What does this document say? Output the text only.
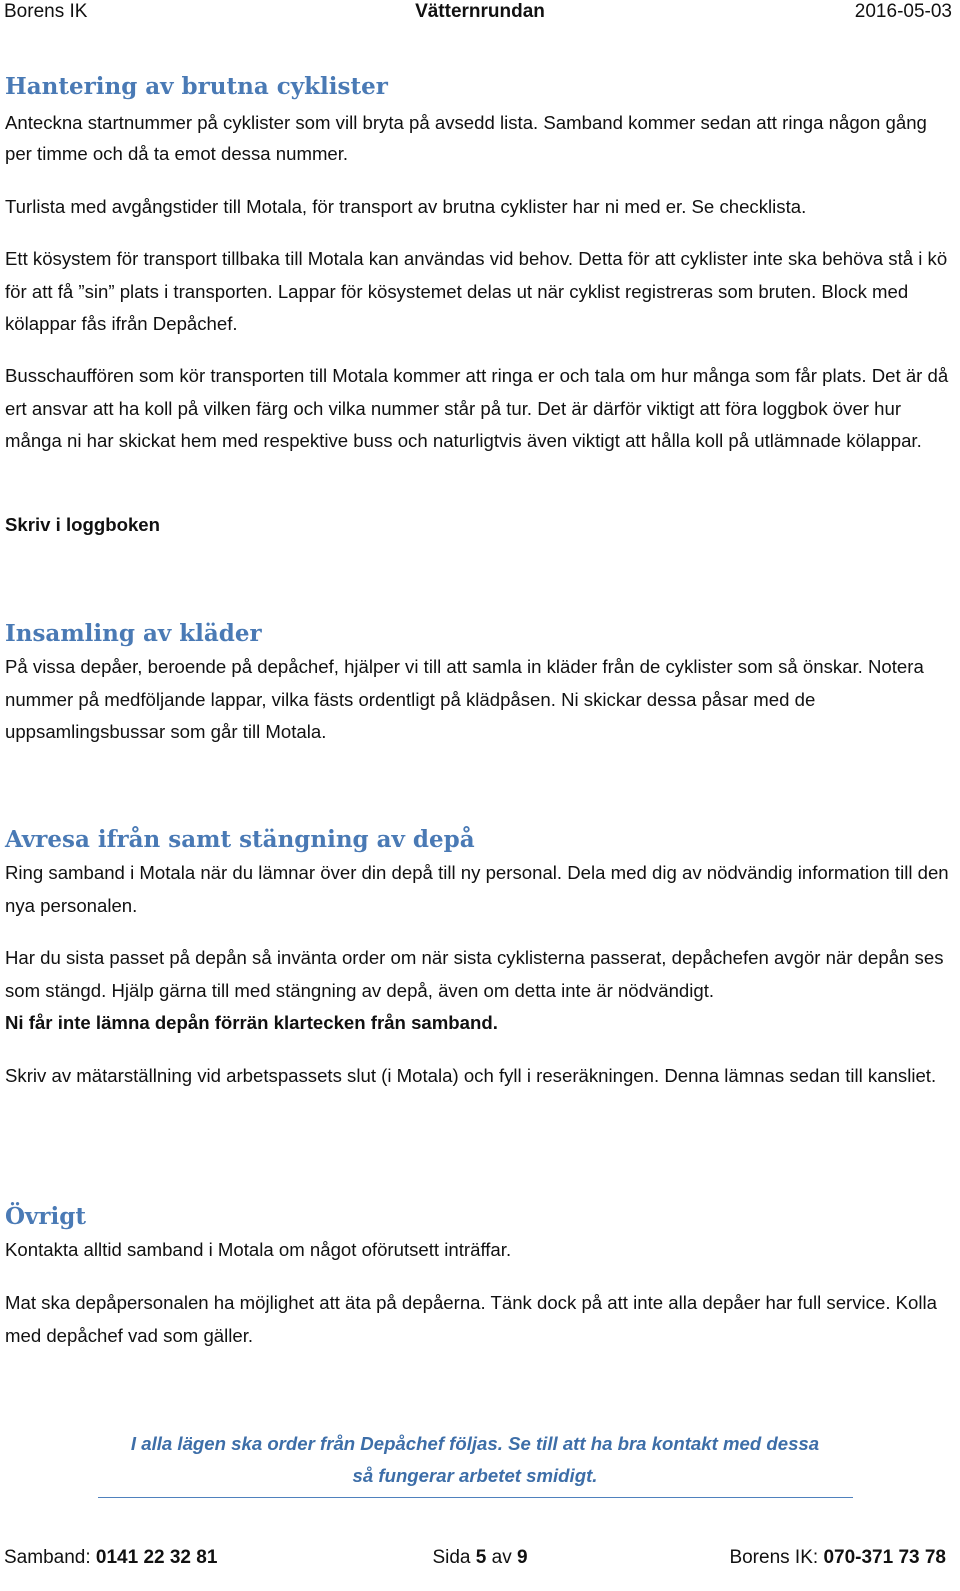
Borens IK	Vätternrundan	2016-05-03
Hantering av brutna cyklister

Anteckna startnummer på cyklister som vill bryta på avsedd lista. Samband kommer sedan att ringa någon gång per timme och då ta emot dessa nummer.

Turlista med avgångstider till Motala, för transport av brutna cyklister har ni med er. Se checklista.

Ett kösystem för transport tillbaka till Motala kan användas vid behov. Detta för att cyklister inte ska behöva stå i kö för att få ”sin” plats i transporten. Lappar för kösystemet delas ut när cyklist registreras som bruten. Block med kölappar fås ifrån Depåchef.

Busschauffören som kör transporten till Motala kommer att ringa er och tala om hur många som får plats. Det är då ert ansvar att ha koll på vilken färg och vilka nummer står på tur. Det är därför viktigt att föra loggbok över hur många ni har skickat hem med respektive buss och naturligtvis även viktigt att hålla koll på utlämnade kölappar.

Skriv i loggboken

Insamling av kläder

På vissa depåer, beroende på depåchef, hjälper vi till att samla in kläder från de cyklister som så önskar. Notera nummer på medföljande lappar, vilka fästs ordentligt på klädpåsen. Ni skickar dessa påsar med de uppsamlingsbussar som går till Motala.

Avresa ifrån samt stängning av depå

Ring samband i Motala när du lämnar över din depå till ny personal. Dela med dig av nödvändig information till den nya personalen.

Har du sista passet på depån så invänta order om när sista cyklisterna passerat, depåchefen avgör när depån ses som stängd. Hjälp gärna till med stängning av depå, även om detta inte är nödvändigt.
Ni får inte lämna depån förrän klartecken från samband.

Skriv av mätarställning vid arbetspassets slut (i Motala) och fyll i reseräkningen. Denna lämnas sedan till kansliet.

Övrigt

Kontakta alltid samband i Motala om något oförutsett inträffar.

Mat ska depåpersonalen ha möjlighet att äta på depåerna. Tänk dock på att inte alla depåer har full service. Kolla med depåchef vad som gäller.

I alla lägen ska order från Depåchef följas. Se till att ha bra kontakt med dessa
så fungerar arbetet smidigt.
Samband: 0141 22 32 81	Sida 5 av 9	Borens IK: 070-371 73 78
